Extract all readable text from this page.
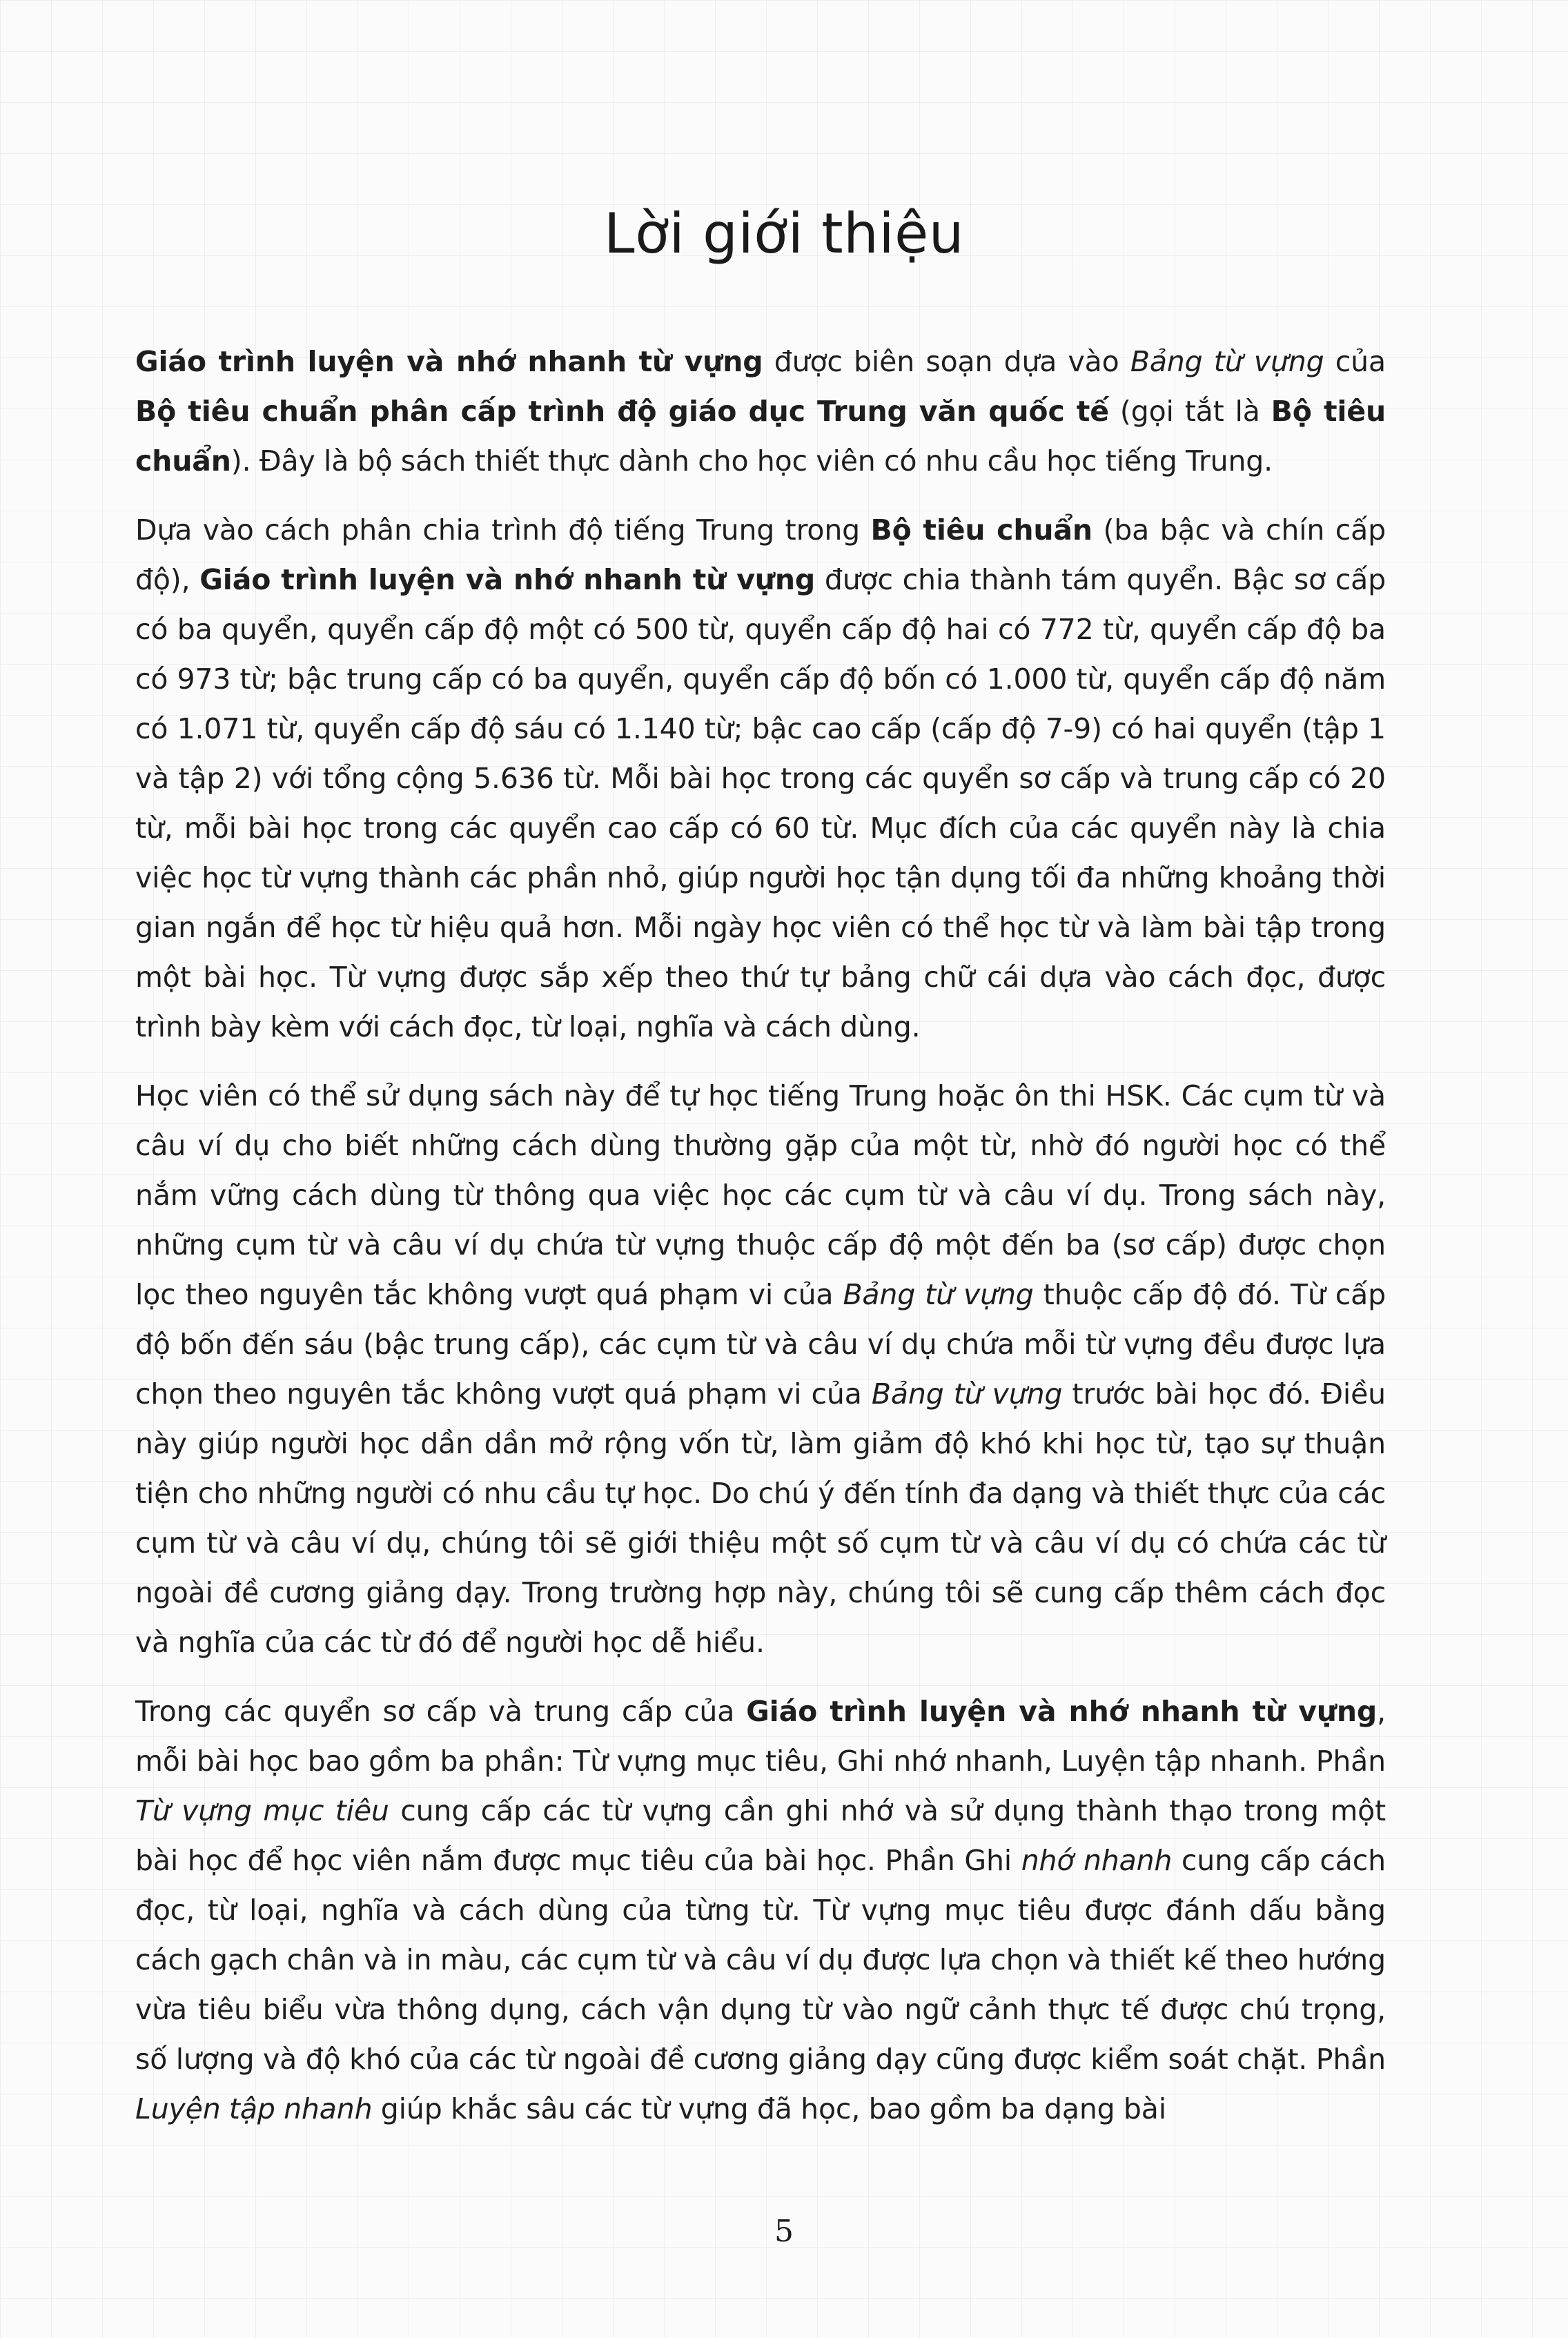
Lời giới thiệu

Giáo trình luyện và nhớ nhanh từ vựng được biên soạn dựa vào Bảng từ vựng của Bộ tiêu chuẩn phân cấp trình độ giáo dục Trung văn quốc tế (gọi tắt là Bộ tiêu chuẩn). Đây là bộ sách thiết thực dành cho học viên có nhu cầu học tiếng Trung.

Dựa vào cách phân chia trình độ tiếng Trung trong Bộ tiêu chuẩn (ba bậc và chín cấp độ), Giáo trình luyện và nhớ nhanh từ vựng được chia thành tám quyển. Bậc sơ cấp có ba quyển, quyển cấp độ một có 500 từ, quyển cấp độ hai có 772 từ, quyển cấp độ ba có 973 từ; bậc trung cấp có ba quyển, quyển cấp độ bốn có 1.000 từ, quyển cấp độ năm có 1.071 từ, quyển cấp độ sáu có 1.140 từ; bậc cao cấp (cấp độ 7-9) có hai quyển (tập 1 và tập 2) với tổng cộng 5.636 từ. Mỗi bài học trong các quyển sơ cấp và trung cấp có 20 từ, mỗi bài học trong các quyển cao cấp có 60 từ. Mục đích của các quyển này là chia việc học từ vựng thành các phần nhỏ, giúp người học tận dụng tối đa những khoảng thời gian ngắn để học từ hiệu quả hơn. Mỗi ngày học viên có thể học từ và làm bài tập trong một bài học. Từ vựng được sắp xếp theo thứ tự bảng chữ cái dựa vào cách đọc, được trình bày kèm với cách đọc, từ loại, nghĩa và cách dùng.

Học viên có thể sử dụng sách này để tự học tiếng Trung hoặc ôn thi HSK. Các cụm từ và câu ví dụ cho biết những cách dùng thường gặp của một từ, nhờ đó người học có thể nắm vững cách dùng từ thông qua việc học các cụm từ và câu ví dụ. Trong sách này, những cụm từ và câu ví dụ chứa từ vựng thuộc cấp độ một đến ba (sơ cấp) được chọn lọc theo nguyên tắc không vượt quá phạm vi của Bảng từ vựng thuộc cấp độ đó. Từ cấp độ bốn đến sáu (bậc trung cấp), các cụm từ và câu ví dụ chứa mỗi từ vựng đều được lựa chọn theo nguyên tắc không vượt quá phạm vi của Bảng từ vựng trước bài học đó. Điều này giúp người học dần dần mở rộng vốn từ, làm giảm độ khó khi học từ, tạo sự thuận tiện cho những người có nhu cầu tự học. Do chú ý đến tính đa dạng và thiết thực của các cụm từ và câu ví dụ, chúng tôi sẽ giới thiệu một số cụm từ và câu ví dụ có chứa các từ ngoài đề cương giảng dạy. Trong trường hợp này, chúng tôi sẽ cung cấp thêm cách đọc và nghĩa của các từ đó để người học dễ hiểu.

Trong các quyển sơ cấp và trung cấp của Giáo trình luyện và nhớ nhanh từ vựng, mỗi bài học bao gồm ba phần: Từ vựng mục tiêu, Ghi nhớ nhanh, Luyện tập nhanh. Phần Từ vựng mục tiêu cung cấp các từ vựng cần ghi nhớ và sử dụng thành thạo trong một bài học để học viên nắm được mục tiêu của bài học. Phần Ghi nhớ nhanh cung cấp cách đọc, từ loại, nghĩa và cách dùng của từng từ. Từ vựng mục tiêu được đánh dấu bằng cách gạch chân và in màu, các cụm từ và câu ví dụ được lựa chọn và thiết kế theo hướng vừa tiêu biểu vừa thông dụng, cách vận dụng từ vào ngữ cảnh thực tế được chú trọng, số lượng và độ khó của các từ ngoài đề cương giảng dạy cũng được kiểm soát chặt. Phần Luyện tập nhanh giúp khắc sâu các từ vựng đã học, bao gồm ba dạng bài

5
